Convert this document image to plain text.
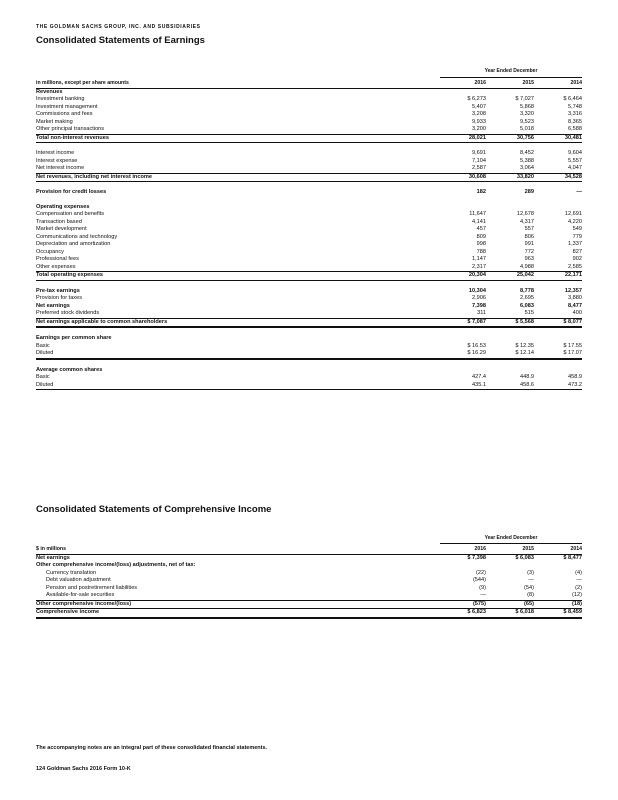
THE GOLDMAN SACHS GROUP, INC. AND SUBSIDIARIES
Consolidated Statements of Earnings
Year Ended December
in millions, except per share amounts	2016	2015	2014
Revenues			
Investment banking	$ 6,273	$ 7,027	$ 6,464
Investment management	5,407	5,868	5,748
Commissions and fees	3,208	3,320	3,316
Market making	9,933	9,523	8,365
Other principal transactions	3,200	5,018	6,588
Total non-interest revenues	28,021	30,756	30,481

Interest income	9,691	8,452	9,604
Interest expense	7,104	5,388	5,557
Net interest income	2,587	3,064	4,047
Net revenues, including net interest income	30,608	33,820	34,528

Provision for credit losses	182	289	—

Operating expenses			
Compensation and benefits	11,647	12,678	12,691
Transaction based	4,141	4,317	4,220
Market development	457	557	549
Communications and technology	809	806	779
Depreciation and amortization	998	991	1,337
Occupancy	788	772	827
Professional fees	1,147	963	902
Other expenses	2,317	4,988	2,585
Total operating expenses	20,304	25,042	22,171

Pre-tax earnings	10,304	8,778	12,357
Provision for taxes	2,906	2,695	3,880
Net earnings	7,398	6,083	8,477
Preferred stock dividends	311	515	400
Net earnings applicable to common shareholders	$ 7,087	$ 5,568	$ 8,077

Earnings per common share			
Basic	$ 16.53	$ 12.35	$ 17.55
Diluted	$ 16.29	$ 12.14	$ 17.07

Average common shares			
Basic	427.4	448.9	458.9
Diluted	435.1	458.6	473.2
Consolidated Statements of Comprehensive Income
Year Ended December
$ in millions	2016	2015	2014
Net earnings	$ 7,398	$ 6,083	$ 8,477
Other comprehensive income/(loss) adjustments, net of tax:			
Currency translation	(22)	(3)	(4)
Debt valuation adjustment	(544)	—	—
Pension and postretirement liabilities	(9)	(54)	(2)
Available-for-sale securities	—	(8)	(12)
Other comprehensive income/(loss)	(575)	(65)	(18)
Comprehensive income	$ 6,823	$ 6,018	$ 8,459
The accompanying notes are an integral part of these consolidated financial statements.
124 Goldman Sachs 2016 Form 10-K
